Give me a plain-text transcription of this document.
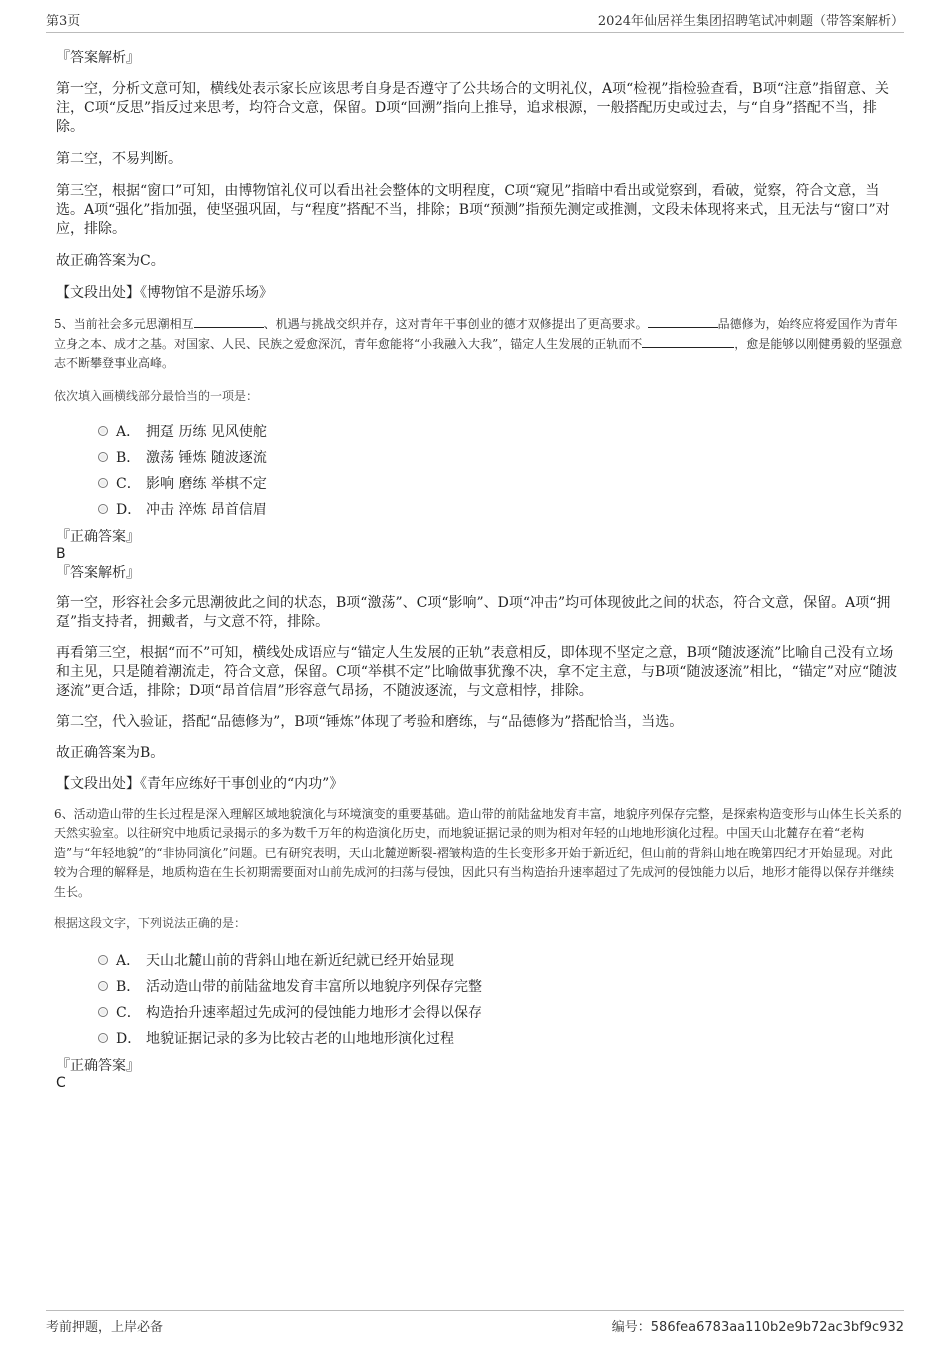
第3页	2024年仙居祥生集团招聘笔试冲刺题（带答案解析）
『答案解析』
第一空，分析文意可知，横线处表示家长应该思考自身是否遵守了公共场合的文明礼仪，A项“检视”指检验查看，B项“注意”指留意、关注，C项“反思”指反过来思考，均符合文意，保留。D项“回溯”指向上推导，追求根源，一般搭配历史或过去，与“自身”搭配不当，排除。
第二空，不易判断。
第三空，根据“窗口”可知，由博物馆礼仪可以看出社会整体的文明程度，C项“窥见”指暗中看出或觉察到，看破，觉察，符合文意，当选。A项“强化”指加强，使坚强巩固，与“程度”搭配不当，排除；B项“预测”指预先测定或推测，文段未体现将来式，且无法与“窗口”对应，排除。
故正确答案为C。
【文段出处】《博物馆不是游乐场》
5、当前社会多元思潮相互	、机遇与挑战交织并存，这对青年干事创业的德才双修提出了更高要求。	品德修为，始终应将爱国作为青年立身之本、成才之基。对国家、人民、民族之爱愈深沉，青年愈能将“小我融入大我”，锚定人生发展的正轨而不	，愈是能够以刚健勇毅的坚强意志不断攀登事业高峰。
依次填入画横线部分最恰当的一项是：
A． 拥趸 历练 见风使舵
B． 激荡 锤炼 随波逐流
C． 影响 磨练 举棋不定
D． 冲击 淬炼 昂首信眉
『正确答案』
B
『答案解析』
第一空，形容社会多元思潮彼此之间的状态，B项“激荡”、C项“影响”、D项“冲击”均可体现彼此之间的状态，符合文意，保留。A项“拥趸”指支持者，拥戴者，与文意不符，排除。
再看第三空，根据“而不”可知，横线处成语应与“锚定人生发展的正轨”表意相反，即体现不坚定之意，B项“随波逐流”比喻自己没有立场和主见，只是随着潮流走，符合文意，保留。C项“举棋不定”比喻做事犹豫不决，拿不定主意，与B项“随波逐流”相比，“锚定”对应“随波逐流”更合适，排除；D项“昂首信眉”形容意气昂扬，不随波逐流，与文意相悖，排除。
第二空，代入验证，搭配“品德修为”，B项“锤炼”体现了考验和磨练，与“品德修为”搭配恰当，当选。
故正确答案为B。
【文段出处】《青年应练好干事创业的“内功”》
6、活动造山带的生长过程是深入理解区域地貌演化与环境演变的重要基础。造山带的前陆盆地发育丰富，地貌序列保存完整，是探索构造变形与山体生长关系的天然实验室。以往研究中地质记录揭示的多为数千万年的构造演化历史，而地貌证据记录的则为相对年轻的山地地形演化过程。中国天山北麓存在着“老构造”与“年轻地貌”的“非协同演化”问题。已有研究表明，天山北麓逆断裂-褶皱构造的生长变形多开始于新近纪，但山前的背斜山地在晚第四纪才开始显现。对此较为合理的解释是，地质构造在生长初期需要面对山前先成河的扫荡与侵蚀，因此只有当构造抬升速率超过了先成河的侵蚀能力以后，地形才能得以保存并继续生长。
根据这段文字，下列说法正确的是：
A． 天山北麓山前的背斜山地在新近纪就已经开始显现
B． 活动造山带的前陆盆地发育丰富所以地貌序列保存完整
C． 构造抬升速率超过先成河的侵蚀能力地形才会得以保存
D． 地貌证据记录的多为比较古老的山地地形演化过程
『正确答案』
C
考前押题，上岸必备	编号：586fea6783aa110b2e9b72ac3bf9c932
